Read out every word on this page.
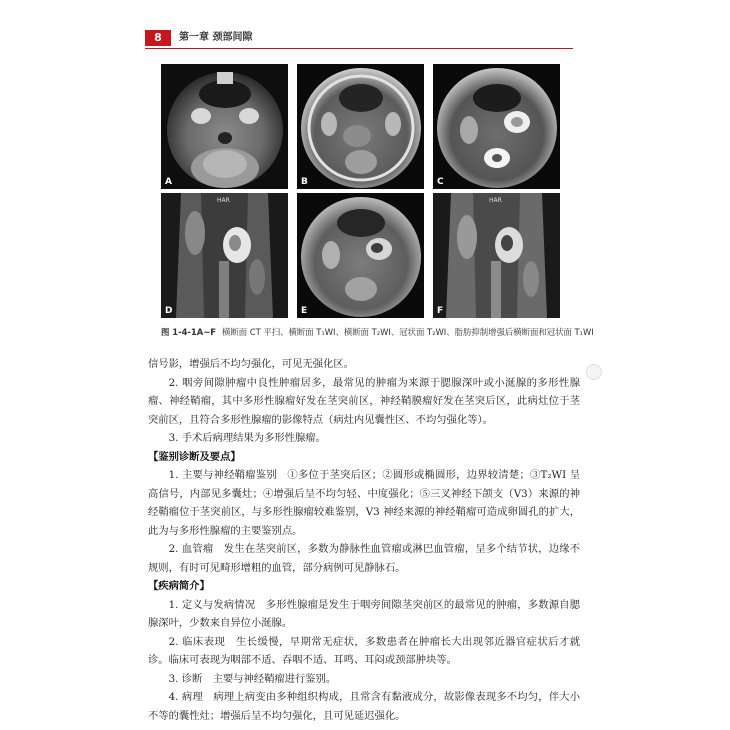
8	第一章 颈部间隙
A	B	C
HAR
D	E
HAR
F
图 1-4-1A~F 横断面 CT 平扫、横断面 T₁WI、横断面 T₂WI、冠状面 T₂WI、脂肪抑制增强后横断面和冠状面 T₁WI

信号影，增强后不均匀强化，可见无强化区。

2. 咽旁间隙肿瘤中良性肿瘤居多，最常见的肿瘤为来源于腮腺深叶或小涎腺的多形性腺瘤、神经鞘瘤，其中多形性腺瘤好发在茎突前区，神经鞘膜瘤好发在茎突后区，此病灶位于茎突前区，且符合多形性腺瘤的影像特点（病灶内见囊性区、不均匀强化等）。

3. 手术后病理结果为多形性腺瘤。

【鉴别诊断及要点】

1. 主要与神经鞘瘤鉴别　①多位于茎突后区；②圆形或椭圆形，边界较清楚；③T₂WI 呈高信号，内部见多囊灶；④增强后呈不均匀轻、中度强化；⑤三叉神经下颌支（V3）来源的神经鞘瘤位于茎突前区，与多形性腺瘤较难鉴别，V3 神经来源的神经鞘瘤可造成卵圆孔的扩大，此为与多形性腺瘤的主要鉴别点。

2. 血管瘤　发生在茎突前区，多数为静脉性血管瘤或淋巴血管瘤，呈多个结节状，边缘不规则，有时可见畸形增粗的血管，部分病例可见静脉石。

【疾病简介】

1. 定义与发病情况　多形性腺瘤是发生于咽旁间隙茎突前区的最常见的肿瘤，多数源自腮腺深叶，少数来自异位小涎腺。

2. 临床表现　生长缓慢，早期常无症状，多数患者在肿瘤长大出现邻近器官症状后才就诊。临床可表现为咽部不适、吞咽不适、耳鸣、耳闷或颈部肿块等。

3. 诊断　主要与神经鞘瘤进行鉴别。

4. 病理　病理上病变由多种组织构成，且常含有黏液成分，故影像表现多不均匀，伴大小不等的囊性灶；增强后呈不均匀强化，且可见延迟强化。
